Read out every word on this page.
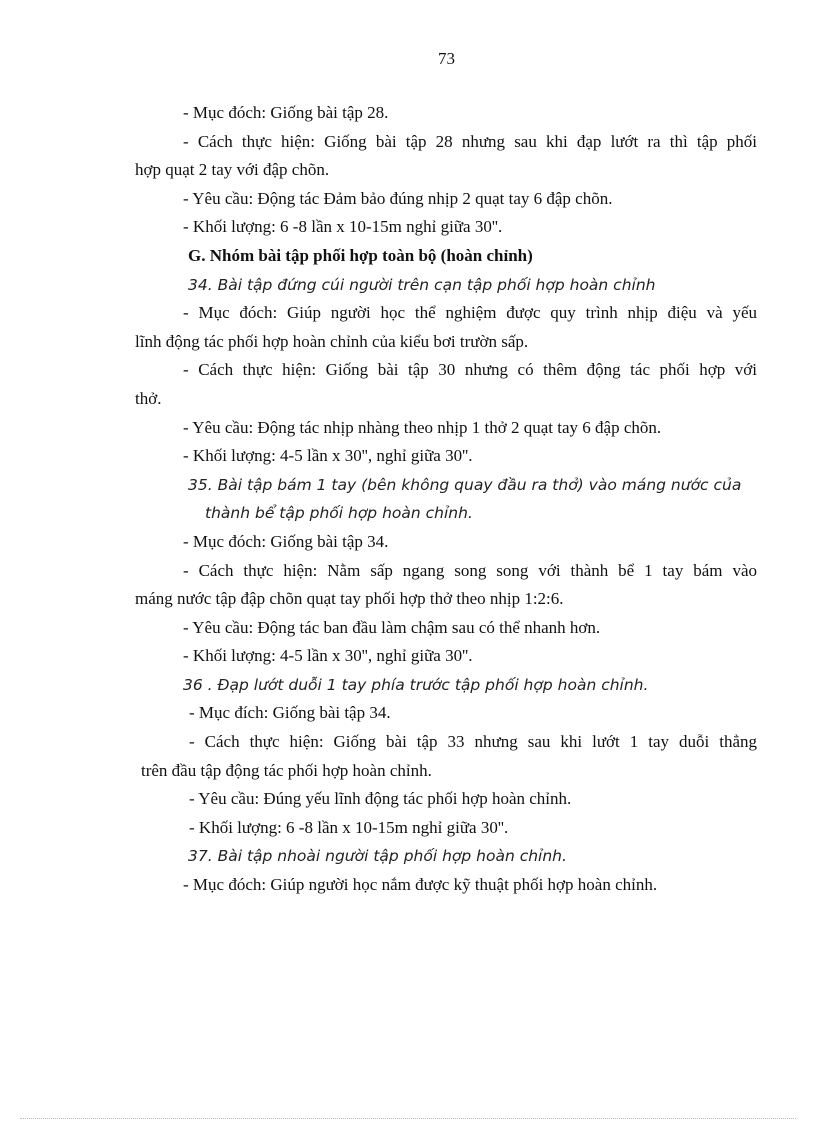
73
- Mục đóch: Giống bài tập 28.
- Cách thực hiện: Giống bài tập 28 nhưng sau khi đạp lướt ra thì tập phối
hợp quạt 2 tay với đập chõn.
- Yêu cầu: Động tác Đảm bảo đúng nhịp 2 quạt tay 6 đập chõn.
- Khối lượng: 6 -8 lần x 10-15m nghỉ giữa 30''.
G. Nhóm bài tập phối hợp toàn bộ (hoàn chỉnh)
34. Bài tập đứng cúi người trên cạn tập phối hợp hoàn chỉnh
- Mục đóch: Giúp người học thể nghiệm được quy trình nhịp điệu và yếu
lĩnh động tác phối hợp hoàn chỉnh của kiểu bơi trườn sấp.
- Cách thực hiện: Giống bài tập 30 nhưng có thêm động tác phối hợp với
thở.
- Yêu cầu: Động tác nhịp nhàng theo nhịp 1 thở 2 quạt tay 6 đập chõn.
- Khối lượng: 4-5 lần x 30'', nghỉ giữa 30''.
35. Bài tập bám 1 tay (bên không quay đầu ra thở) vào máng nước của
thành bể tập phối hợp hoàn chỉnh.
- Mục đóch: Giống bài tập 34.
- Cách thực hiện: Nằm sấp ngang song song với thành bể 1 tay bám vào
máng nước tập đập chõn quạt tay phối hợp thở theo nhịp 1:2:6.
- Yêu cầu: Động tác ban đầu làm chậm sau có thể nhanh hơn.
- Khối lượng: 4-5 lần x 30'', nghỉ giữa 30''.
36 . Đạp lướt duỗi 1 tay phía trước tập phối hợp hoàn chỉnh.
- Mục đích: Giống bài tập 34.
- Cách thực hiện: Giống bài tập 33 nhưng sau khi lướt 1 tay duỗi thẳng
trên đầu tập động tác phối hợp hoàn chỉnh.
- Yêu cầu: Đúng yếu lĩnh động tác phối hợp hoàn chỉnh.
- Khối lượng: 6 -8 lần x 10-15m nghỉ giữa 30''.
37. Bài tập nhoài người tập phối hợp hoàn chỉnh.
- Mục đóch: Giúp người học nắm được kỹ thuật phối hợp hoàn chỉnh.
